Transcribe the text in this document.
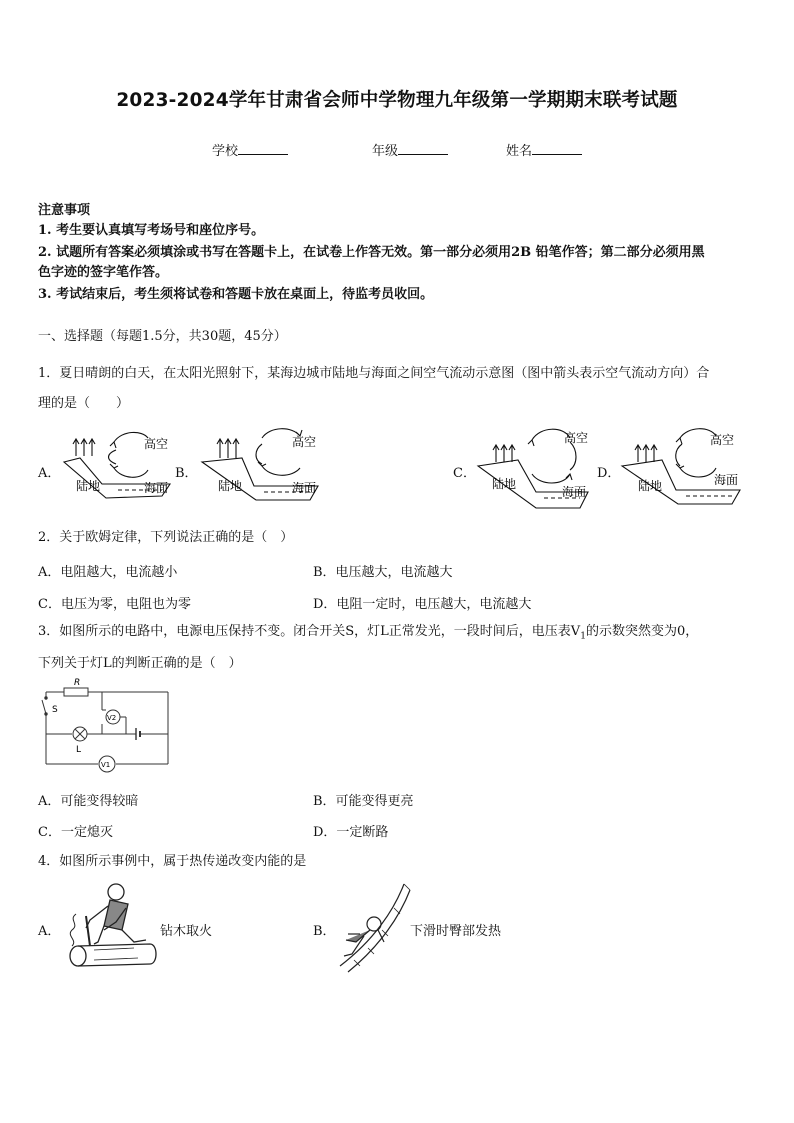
2023-2024学年甘肃省会师中学物理九年级第一学期期末联考试题
学校	年级	姓名
注意事项
1. 考生要认真填写考场号和座位序号。
2. 试题所有答案必须填涂或书写在答题卡上，在试卷上作答无效。第一部分必须用2B 铅笔作答；第二部分必须用黑
色字迹的签字笔作答。
3. 考试结束后，考生须将试卷和答题卡放在桌面上，待监考员收回。
一、选择题（每题1.5分，共30题，45分）
1．夏日晴朗的白天，在太阳光照射下，某海边城市陆地与海面之间空气流动示意图（图中箭头表示空气流动方向）合
理的是（　　）
A．	B．	C．	D．
高空
陆地	海面
高空
陆地	海面
高空
陆地
海面
高空
陆地	海面
2．关于欧姆定律，下列说法正确的是（　）
A．电阻越大，电流越小	B．电压越大，电流越大
C．电压为零，电阻也为零	D．电阻一定时，电压越大，电流越大
3．如图所示的电路中，电源电压保持不变。闭合开关S，灯L正常发光，一段时间后，电压表$V_1$的示数突然变为0，
下列关于灯L的判断正确的是（　）
R
S
L
V2
V1
A．可能变得较暗	B．可能变得更亮
C．一定熄灭	D．一定断路
4．如图所示事例中，属于热传递改变内能的是
A．	钻木取火	B．	下滑时臀部发热
